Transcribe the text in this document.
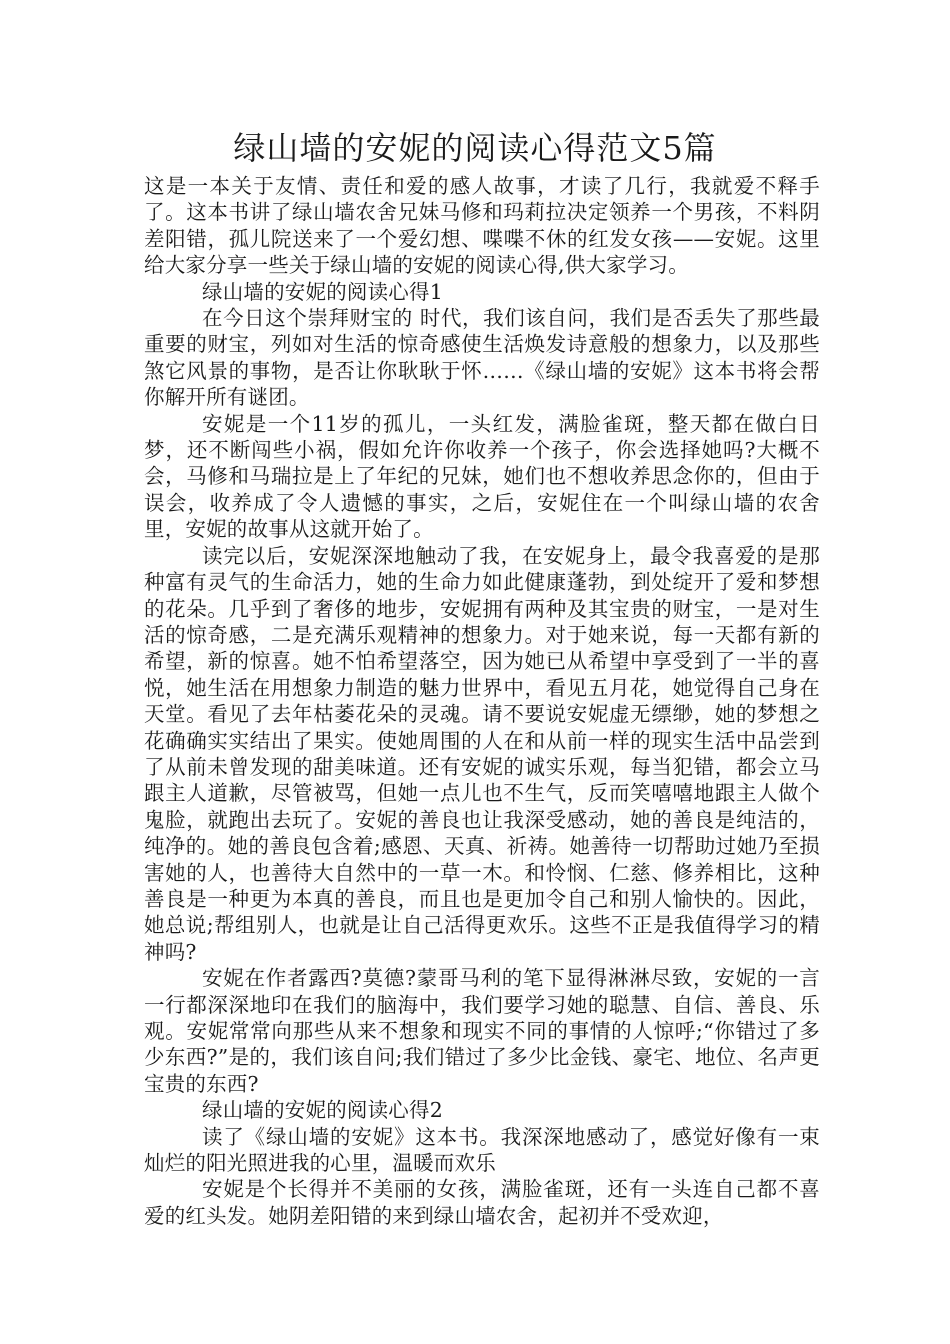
绿山墙的安妮的阅读心得范文5篇

这是一本关于友情、责任和爱的感人故事，才读了几行，我就爱不释手了。这本书讲了绿山墙农舍兄妹马修和玛莉拉决定领养一个男孩，不料阴差阳错，孤儿院送来了一个爱幻想、喋喋不休的红发女孩——安妮。这里给大家分享一些关于绿山墙的安妮的阅读心得,供大家学习。

绿山墙的安妮的阅读心得1

在今日这个崇拜财宝的 时代，我们该自问，我们是否丢失了那些最重要的财宝，列如对生活的惊奇感使生活焕发诗意般的想象力，以及那些煞它风景的事物，是否让你耿耿于怀……《绿山墙的安妮》这本书将会帮你解开所有谜团。

安妮是一个11岁的孤儿，一头红发，满脸雀斑，整天都在做白日梦，还不断闯些小祸，假如允许你收养一个孩子，你会选择她吗?大概不会，马修和马瑞拉是上了年纪的兄妹，她们也不想收养思念你的，但由于误会，收养成了令人遗憾的事实，之后，安妮住在一个叫绿山墙的农舍里，安妮的故事从这就开始了。

读完以后，安妮深深地触动了我，在安妮身上，最令我喜爱的是那种富有灵气的生命活力，她的生命力如此健康蓬勃，到处绽开了爱和梦想的花朵。几乎到了奢侈的地步，安妮拥有两种及其宝贵的财宝，一是对生活的惊奇感，二是充满乐观精神的想象力。对于她来说，每一天都有新的希望，新的惊喜。她不怕希望落空，因为她已从希望中享受到了一半的喜悦，她生活在用想象力制造的魅力世界中，看见五月花，她觉得自己身在天堂。看见了去年枯萎花朵的灵魂。请不要说安妮虚无缥缈，她的梦想之花确确实实结出了果实。使她周围的人在和从前一样的现实生活中品尝到了从前未曾发现的甜美味道。还有安妮的诚实乐观，每当犯错，都会立马跟主人道歉，尽管被骂，但她一点儿也不生气，反而笑嘻嘻地跟主人做个鬼脸，就跑出去玩了。安妮的善良也让我深受感动，她的善良是纯洁的，纯净的。她的善良包含着;感恩、天真、祈祷。她善待一切帮助过她乃至损害她的人，也善待大自然中的一草一木。和怜悯、仁慈、修养相比，这种善良是一种更为本真的善良，而且也是更加令自己和别人愉快的。因此，她总说;帮组别人，也就是让自己活得更欢乐。这些不正是我值得学习的精神吗?

安妮在作者露西?莫德?蒙哥马利的笔下显得淋淋尽致，安妮的一言一行都深深地印在我们的脑海中，我们要学习她的聪慧、自信、善良、乐观。安妮常常向那些从来不想象和现实不同的事情的人惊呼;“你错过了多少东西?”是的，我们该自问;我们错过了多少比金钱、豪宅、地位、名声更宝贵的东西?

绿山墙的安妮的阅读心得2

读了《绿山墙的安妮》这本书。我深深地感动了，感觉好像有一束灿烂的阳光照进我的心里，温暖而欢乐

安妮是个长得并不美丽的女孩，满脸雀斑，还有一头连自己都不喜爱的红头发。她阴差阳错的来到绿山墙农舍，起初并不受欢迎，
